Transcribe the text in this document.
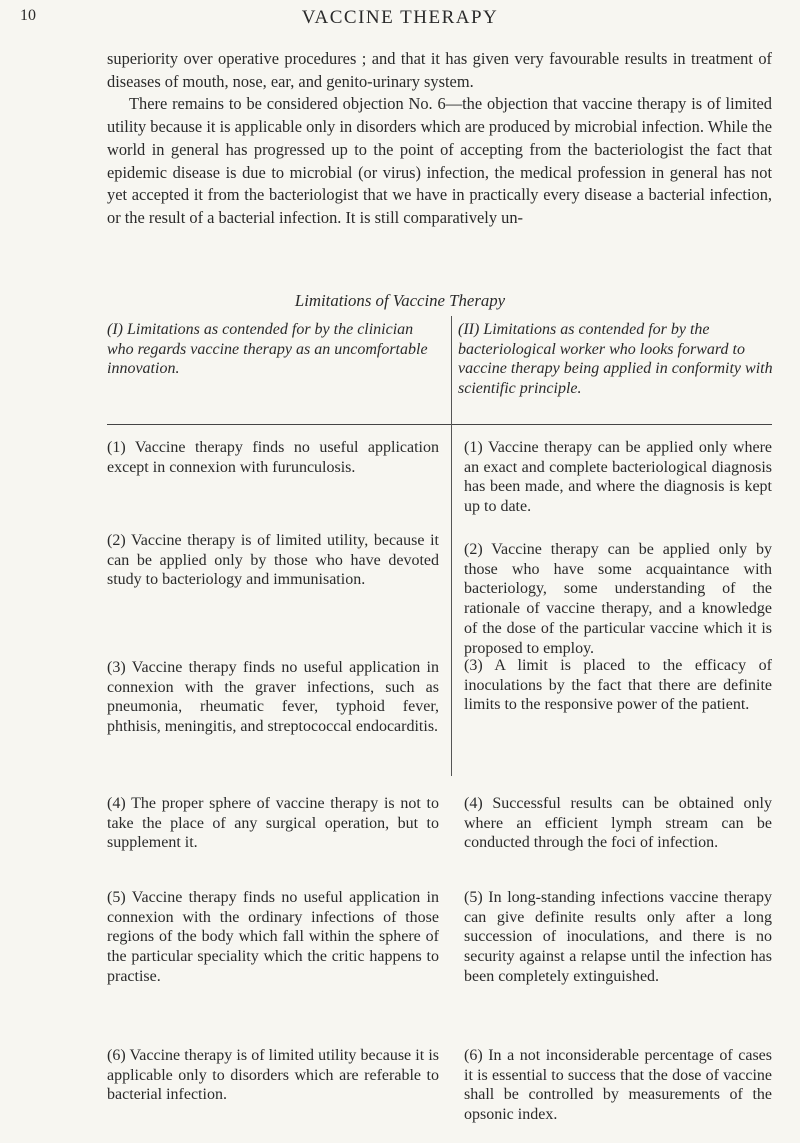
10	VACCINE THERAPY

superiority over operative procedures ; and that it has given very favourable results in treatment of diseases of mouth, nose, ear, and genito-urinary system.

There remains to be considered objection No. 6—the objection that vaccine therapy is of limited utility because it is applicable only in disorders which are produced by microbial infection. While the world in general has progressed up to the point of accepting from the bacteriologist the fact that epidemic disease is due to microbial (or virus) infection, the medical profession in general has not yet accepted it from the bacteriologist that we have in practically every disease a bacterial infection, or the result of a bacterial infection. It is still comparatively un-

Limitations of Vaccine Therapy
(I) Limitations as contended for by the clinician who regards vaccine therapy as an uncomfortable innovation.
(II) Limitations as contended for by the bacteriological worker who looks forward to vaccine therapy being applied in conformity with scientific principle.
(1) Vaccine therapy finds no useful application except in connexion with furunculosis.
(1) Vaccine therapy can be applied only where an exact and complete bacteriological diagnosis has been made, and where the diagnosis is kept up to date.
(2) Vaccine therapy is of limited utility, because it can be applied only by those who have devoted study to bacteriology and immunisation.
(2) Vaccine therapy can be applied only by those who have some acquaintance with bacteriology, some understanding of the rationale of vaccine therapy, and a knowledge of the dose of the particular vaccine which it is proposed to employ.
(3) Vaccine therapy finds no useful application in connexion with the graver infections, such as pneumonia, rheumatic fever, typhoid fever, phthisis, meningitis, and streptococcal endocarditis.
(3) A limit is placed to the efficacy of inoculations by the fact that there are definite limits to the responsive power of the patient.
(4) The proper sphere of vaccine therapy is not to take the place of any surgical operation, but to supplement it.
(4) Successful results can be obtained only where an efficient lymph stream can be conducted through the foci of infection.
(5) Vaccine therapy finds no useful application in connexion with the ordinary infections of those regions of the body which fall within the sphere of the particular speciality which the critic happens to practise.
(5) In long-standing infections vaccine therapy can give definite results only after a long succession of inoculations, and there is no security against a relapse until the infection has been completely extinguished.
(6) Vaccine therapy is of limited utility because it is applicable only to disorders which are referable to bacterial infection.
(6) In a not inconsiderable percentage of cases it is essential to success that the dose of vaccine shall be controlled by measurements of the opsonic index.
